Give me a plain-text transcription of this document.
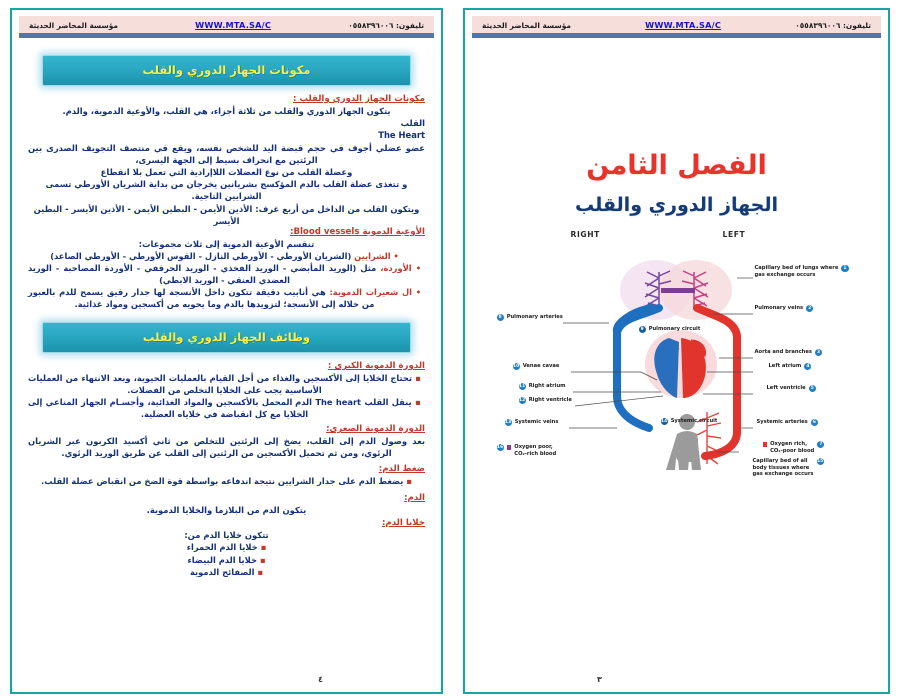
تليفون: ٠٥٥٨٣٩٦٠٠٦
WWW.MTA.SA/C
مؤسسة المحاضر الحديثة
الفصل الثامن
الجهاز الدوري والقلب
RIGHT	LEFT
8 Pulmonary arteries
10 Venae cavae
11 Right atrium
12 Right ventricle
13 Systemic veins
16 Oxygen poor,
CO₂-rich blood
Capillary bed of lungs where
gas exchange occurs
1
Pulmonary veins	2
Aorta and branches	3
Left atrium	4
Left ventricle	5
Systemic arteries	6
Oxygen rich,
CO₂-poor blood
7
9 Pulmonary circuit
14 Systemic circuit
Capillary bed of all
body tissues where
gas exchange occurs
15
٣
تليفون: ٠٥٥٨٣٩٦٠٠٦
WWW.MTA.SA/C
مؤسسة المحاضر الحديثة
مكونات الجهاز الدوري والقلب
مكونات الجهاز الدوري والقلب :
يتكون الجهاز الدوري والقلب من ثلاثة أجزاء، هي القلب، والأوعية الدموية، والدم.
القلب
The Heart
عضو عضلي أجوف في حجم قبضة اليد للشخص نفسه، ويقع في منتصف التجويف الصدرى بين الرئتين مع انحراف بسيط إلى الجهة اليسرى،
وعضلة القلب من نوع العضلات اللاإرادية التي تعمل بلا انقطاع
و تتغذى عضلة القلب بالدم المؤكسج بشريانين يخرجان من بداية الشريان الأورطي تسمى الشرايين التاجية.
ويتكون القلب من الداخل من أربع غرف: الأذين الأيمن - البطين الأيمن - الأذين الأيسر - البطين الأيسر
الأوعية الدموية Blood vessels:
تنقسم الأوعية الدموية إلى ثلاث مجموعات:
• الشرايين (الشريان الأورطي - الأورطي النازل - القوس الأورطي - الأورطي الصاعد)
• الأوردة، مثل (الوريد المأبضي - الوريد الفخذي - الوريد الحرقفي - الأوردة المصاحبة - الوريد العضدي العنقي - الوريد الابطي)
• ال شعيرات الدموية: هي أنابيب دقيقة تتكون داخل الأنسجة لها جدار رقيق يسمح للدم بالعبور من خلاله إلى الأنسجة؛ لتزويدها بالدم وما يحويه من أكسجين ومواد غذائية.
وظائف الجهاز الدوري والقلب
الدورة الدموية الكبرى :
▪ تحتاج الخلايا إلى الأكسجين والغذاء من أجل القيام بالعمليات الحيوية، وبعد الانتهاء من العمليات الأساسية يجب على الخلايا التخلص من الفضلات.
▪ ينقل القلب The heart الدم المحمل بالأكسجين والمواد الغذائية، وأجسـام الجهاز المناعي إلى الخلايا مع كل انقباضة في خلاياه العضلية.
الدورة الدموية الصغرى:
بعد وصول الدم إلى القلب، يضخ إلى الرئتين للتخلص من ثاني أكسيد الكربون عبر الشريان الرئوي، ومن ثم تحميل الأكسجين من الرئتين إلى القلب عن طريق الوريد الرئوي.
ضغط الدم:
▪ يضغط الدم على جدار الشرايين نتيجة اندفاعه بواسطة قوة الضخ من انقباض عضلة القلب.
الدم:
يتكون الدم من البلازما والخلايا الدموية.
خلايا الدم:
تتكون خلايا الدم من:
▪ خلايا الدم الحمراء
▪ خلايا الدم البيضاء
▪ الصفائح الدموية
٤
